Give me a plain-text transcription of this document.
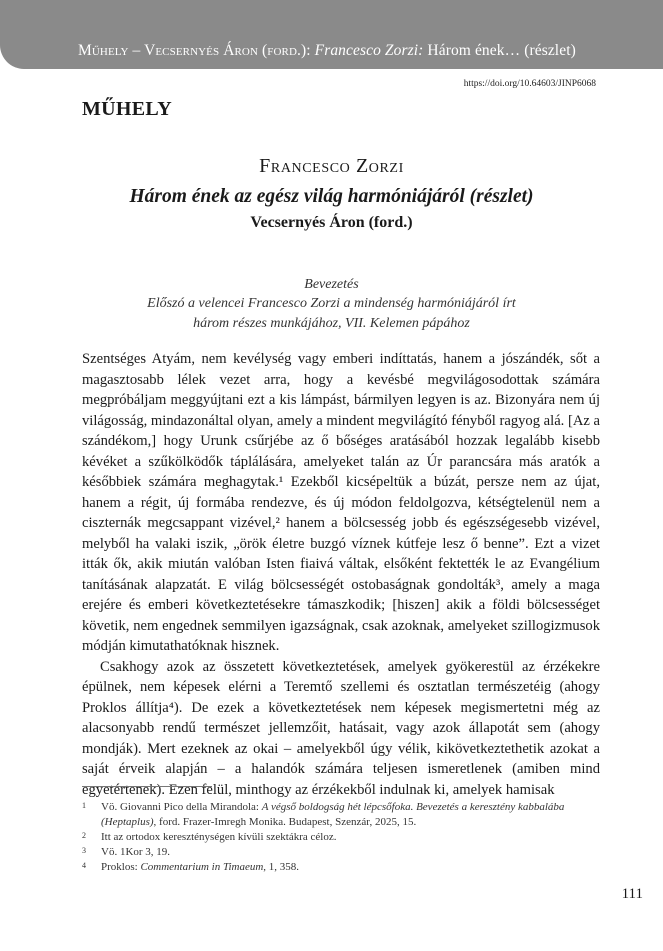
Műhely – Vecsernyés Áron (ford.): Francesco Zorzi: Három ének… (részlet)
https://doi.org/10.64603/JINP6068
MŰHELY
Francesco Zorzi
Három ének az egész világ harmóniájáról (részlet)
Vecsernyés Áron (ford.)
Bevezetés
Előszó a velencei Francesco Zorzi a mindenség harmóniájáról írt
három részes munkájához, VII. Kelemen pápához

Szentséges Atyám, nem kevélység vagy emberi indíttatás, hanem a jószándék, sőt a magasztosabb lélek vezet arra, hogy a kevésbé megvilágosodottak számára megpróbáljam meggyújtani ezt a kis lámpást, bármilyen legyen is az. Bizonyára nem új világosság, mindazonáltal olyan, amely a mindent megvilágító fényből ragyog alá. [Az a szándékom,] hogy Urunk csűrjébe az ő bőséges aratásából hozzak legalább kisebb kévéket a szűkölködők táplálására, amelyeket talán az Úr parancsára más aratók a későbbiek számára meghagytak.¹ Ezekből kicsépeltük a búzát, persze nem az újat, hanem a régit, új formába rendezve, és új módon feldolgozva, kétségtelenül nem a ciszternák megcsappant vizével,² hanem a bölcsesség jobb és egészségesebb vizével, melyből ha valaki iszik, „örök életre buzgó víznek kútfeje lesz ő benne”. Ezt a vizet itták ők, akik miután valóban Isten fiaivá váltak, elsőként fektették le az Evangélium tanításának alapzatát. E világ bölcsességét ostobaságnak gondolták³, amely a maga erejére és emberi következtetésekre támaszkodik; [hiszen] akik a földi bölcsességet követik, nem engednek semmilyen igazságnak, csak azoknak, amelyeket szillogizmusok módján kimutathatóknak hisznek.

Csakhogy azok az összetett következtetések, amelyek gyökerestül az érzékekre épülnek, nem képesek elérni a Teremtő szellemi és osztatlan természetéig (ahogy Proklos állítja⁴). De ezek a következtetések nem képesek megismertetni még az alacsonyabb rendű természet jellemzőit, hatásait, vagy azok állapotát sem (ahogy mondják). Mert ezeknek az okai – amelyekből úgy vélik, kikövetkeztethetik azokat a saját érveik alapján – a halandók számára teljesen ismeretlenek (amiben mind egyetértenek). Ezen felül, minthogy az érzékekből indulnak ki, amelyek hamisak

1 Vö. Giovanni Pico della Mirandola: A végső boldogság hét lépcsőfoka. Bevezetés a keresztény kabbalába (Heptaplus), ford. Frazer-Imregh Monika. Budapest, Szenzár, 2025, 15.
2 Itt az ortodox kereszténységen kívüli szektákra céloz.
3 Vö. 1Kor 3, 19.
4 Proklos: Commentarium in Timaeum, 1, 358.
111
